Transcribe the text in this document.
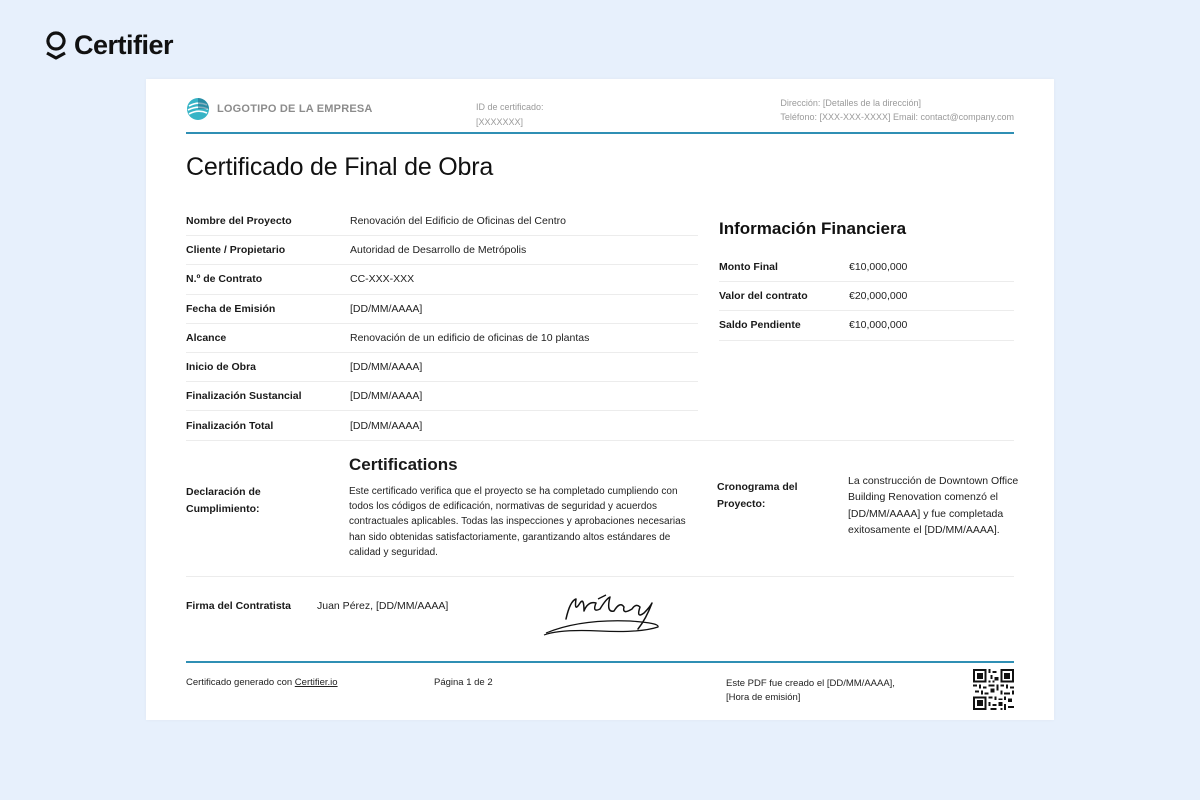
Certifier
LOGOTIPO DE LA EMPRESA	ID de certificado:
[XXXXXXX]
Dirección: [Detalles de la dirección]
Teléfono: [XXX-XXX-XXXX] Email: contact@company.com
Certificado de Final de Obra
Nombre del Proyecto	Renovación del Edificio de Oficinas del Centro
Cliente / Propietario	Autoridad de Desarrollo de Metrópolis
N.º de Contrato	CC-XXX-XXX
Fecha de Emisión	[DD/MM/AAAA]
Alcance	Renovación de un edificio de oficinas de 10 plantas
Inicio de Obra	[DD/MM/AAAA]
Finalización Sustancial	[DD/MM/AAAA]
Finalización Total	[DD/MM/AAAA]
Información Financiera
Monto Final	€10,000,000
Valor del contrato	€20,000,000
Saldo Pendiente	€10,000,000
Declaración de Cumplimiento:
Certifications

Este certificado verifica que el proyecto se ha completado cumpliendo con todos los códigos de edificación, normativas de seguridad y acuerdos contractuales aplicables. Todas las inspecciones y aprobaciones necesarias han sido obtenidas satisfactoriamente, garantizando altos estándares de calidad y seguridad.

Cronograma del Proyecto:

La construcción de Downtown Office Building Renovation comenzó el [DD/MM/AAAA] y fue completada exitosamente el [DD/MM/AAAA].

Firma del Contratista Juan Pérez, [DD/MM/AAAA]
Certificado generado con Certifier.io	Página 1 de 2	Este PDF fue creado el [DD/MM/AAAA],
[Hora de emisión]
